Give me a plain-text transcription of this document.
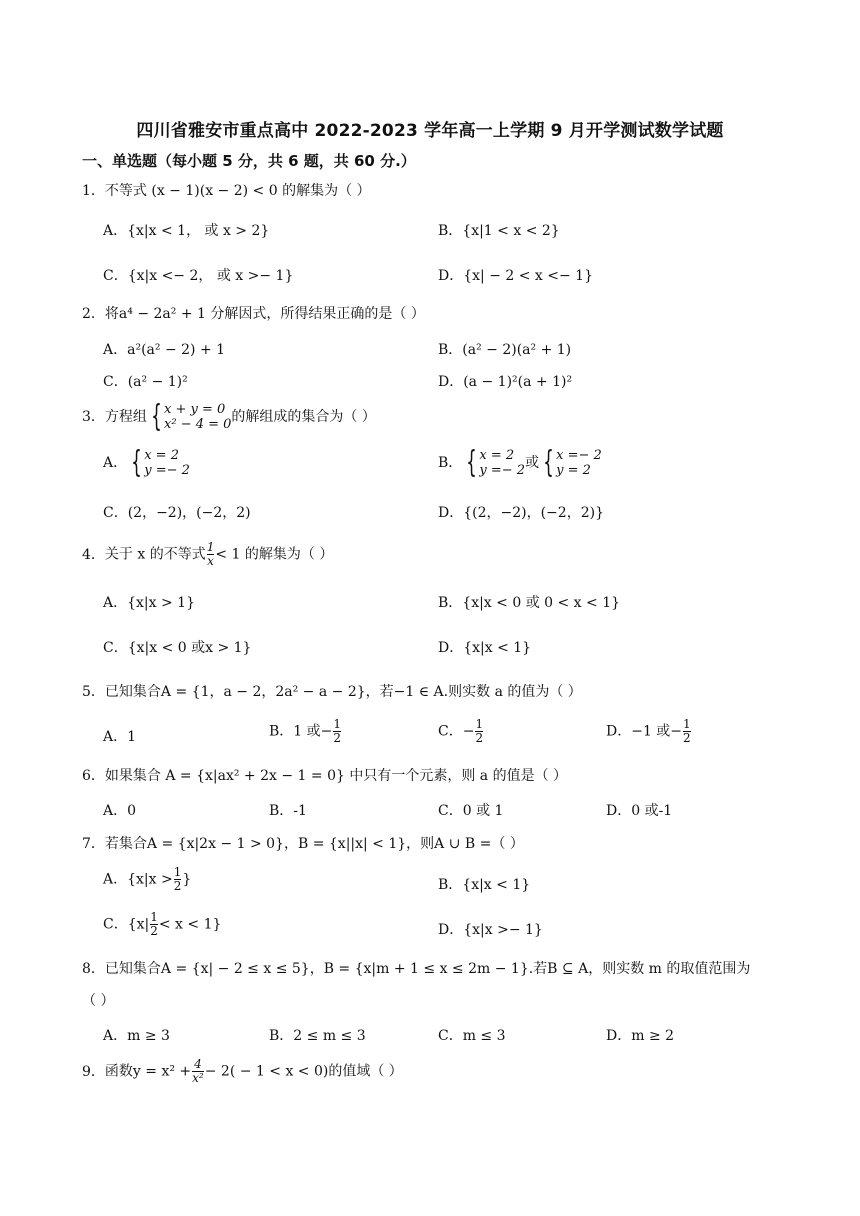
四川省雅安市重点高中 2022-2023 学年高一上学期 9 月开学测试数学试题
一、单选题（每小题 5 分，共 6 题，共 60 分.）
1．不等式 (x − 1)(x − 2) < 0 的解集为（ ）
A．{x|x < 1， 或 x > 2}	B．{x|1 < x < 2}
C．{x|x <− 2， 或 x >− 1}	D．{x| − 2 < x <− 1}
2．将a⁴ − 2a² + 1 分解因式，所得结果正确的是（ ）
A．a²(a² − 2) + 1	B．(a² − 2)(a² + 1)
C．(a² − 1)²	D．(a − 1)²(a + 1)²
3．方程组 { x + y = 0
x² − 4 = 0 的解组成的集合为（ ）
A． { x = 2
y =− 2	B． { x = 2
y =− 2 或 { x =− 2
y = 2
C．(2，−2)，(−2，2)	D．{(2，−2)，(−2，2)}
4．关于 x 的不等式 $\frac{1}{x} < 1$ 的解集为（ ）
A．{x|x > 1}	B．{x|x < 0 或 0 < x < 1}
C．{x|x < 0 或x > 1}	D．{x|x < 1}
5．已知集合A = {1，a − 2，2a² − a − 2}，若−1 ∈ A.则实数 a 的值为（ ）
A．1	B．1 或− $\frac{1}{2}$	C．− $\frac{1}{2}$	D．−1 或− $\frac{1}{2}$
6．如果集合 A = {x|ax² + 2x − 1 = 0} 中只有一个元素，则 a 的值是（ ）
A．0	B．-1	C．0 或 1	D．0 或-1
7．若集合A = {x|2x − 1 > 0}，B = {x||x| < 1}，则A ∪ B =（ ）
A．{$x|x > \frac{1}{2}$ }	B．{x|x < 1}
C．$\{x| \frac{1}{2} < x < 1\}$	D．{x|x >− 1}
8．已知集合A = {x| − 2 ≤ x ≤ 5}，B = {x|m + 1 ≤ x ≤ 2m − 1}.若B ⊆ A，则实数 m 的取值范围为
（ ）
A．m ≥ 3	B．2 ≤ m ≤ 3	C．m ≤ 3	D．m ≥ 2
9．函数$y = x^2 + \frac{4}{\text{x²}} - 2( - 1 < x < 0)$的值域（ ）
